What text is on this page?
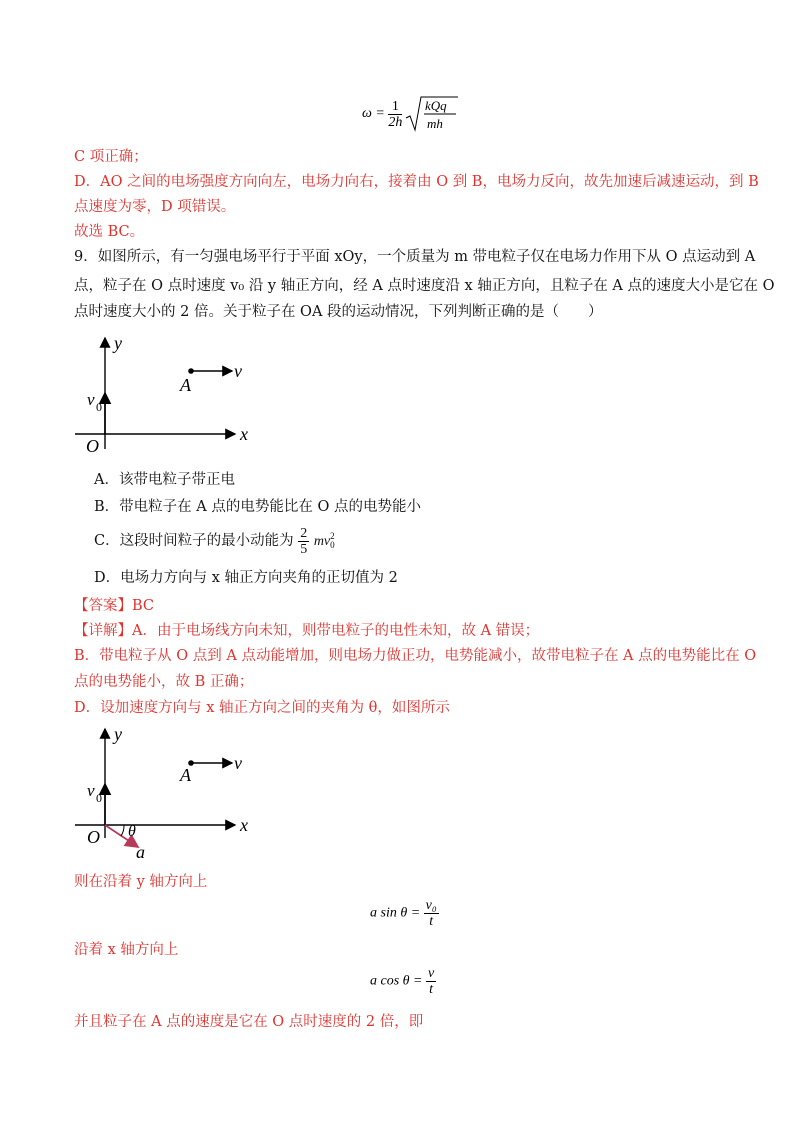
$\omega = \frac{1}{2h}$
kQq
mh
C 项正确；
D．AO 之间的电场强度方向向左，电场力向右，接着由 O 到 B，电场力反向，故先加速后减速运动，到 B
点速度为零，D 项错误。
故选 BC。
9．如图所示，有一匀强电场平行于平面 xOy，一个质量为 m 带电粒子仅在电场力作用下从 O 点运动到 A
点，粒子在 O 点时速度 v₀ 沿 y 轴正方向，经 A 点时速度沿 x 轴正方向，且粒子在 A 点的速度大小是它在 O
点时速度大小的 2 倍。关于粒子在 OA 段的运动情况，下列判断正确的是（　　）
y
x
O
A
v
v 0
A．该带电粒子带正电
B．带电粒子在 A 点的电势能比在 O 点的电势能小
C．这段时间粒子的最小动能为 $\frac{2}{5}$ mv 2
0
D．电场力方向与 x 轴正方向夹角的正切值为 2
【答案】BC
【详解】A．由于电场线方向未知，则带电粒子的电性未知，故 A 错误；
B．带电粒子从 O 点到 A 点动能增加，则电场力做正功，电势能减小，故带电粒子在 A 点的电势能比在 O
点的电势能小，故 B 正确；
D．设加速度方向与 x 轴正方向之间的夹角为 θ，如图所示
y
x
O
A
v
v 0
θ
a
则在沿着 y 轴方向上
a $\sin \theta = \frac{\text{v₀}}{t}$
沿着 x 轴方向上
a $\cos \theta = \frac{v}{t}$
并且粒子在 A 点的速度是它在 O 点时速度的 2 倍，即
